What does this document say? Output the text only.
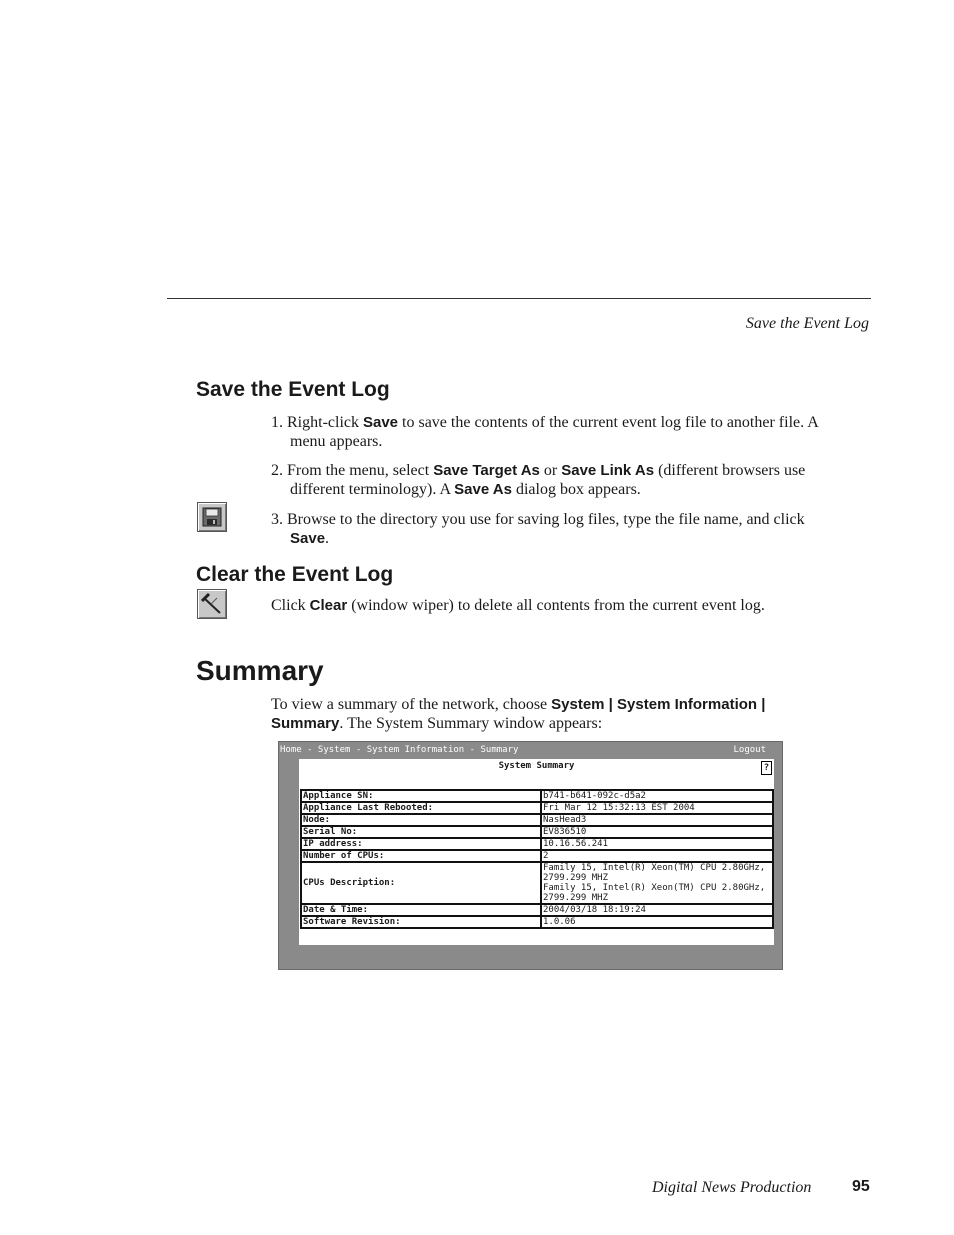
Save the Event Log
Save the Event Log
1. Right-click Save to save the contents of the current event log file to another file. A menu appears.
2. From the menu, select Save Target As or Save Link As (different browsers use different terminology). A Save As dialog box appears.
3. Browse to the directory you use for saving log files, type the file name, and click Save.
Clear the Event Log

Click Clear (window wiper) to delete all contents from the current event log.

Summary

To view a summary of the network, choose System | System Information | Summary. The System Summary window appears:

Home - System - System Information - Summary	Logout
System Summary	?
Appliance SN:	b741-b641-092c-d5a2
Appliance Last Rebooted:	Fri Mar 12 15:32:13 EST 2004
Node:	NasHead3
Serial No:	EV836510
IP address:	10.16.56.241
Number of CPUs:	2
CPUs Description:	Family 15, Intel(R) Xeon(TM) CPU 2.80GHz,
2799.299 MHZ
Family 15, Intel(R) Xeon(TM) CPU 2.80GHz,
2799.299 MHZ

Date & Time:	2004/03/18 18:19:24
Software Revision:	1.0.06
Digital News Production	95
